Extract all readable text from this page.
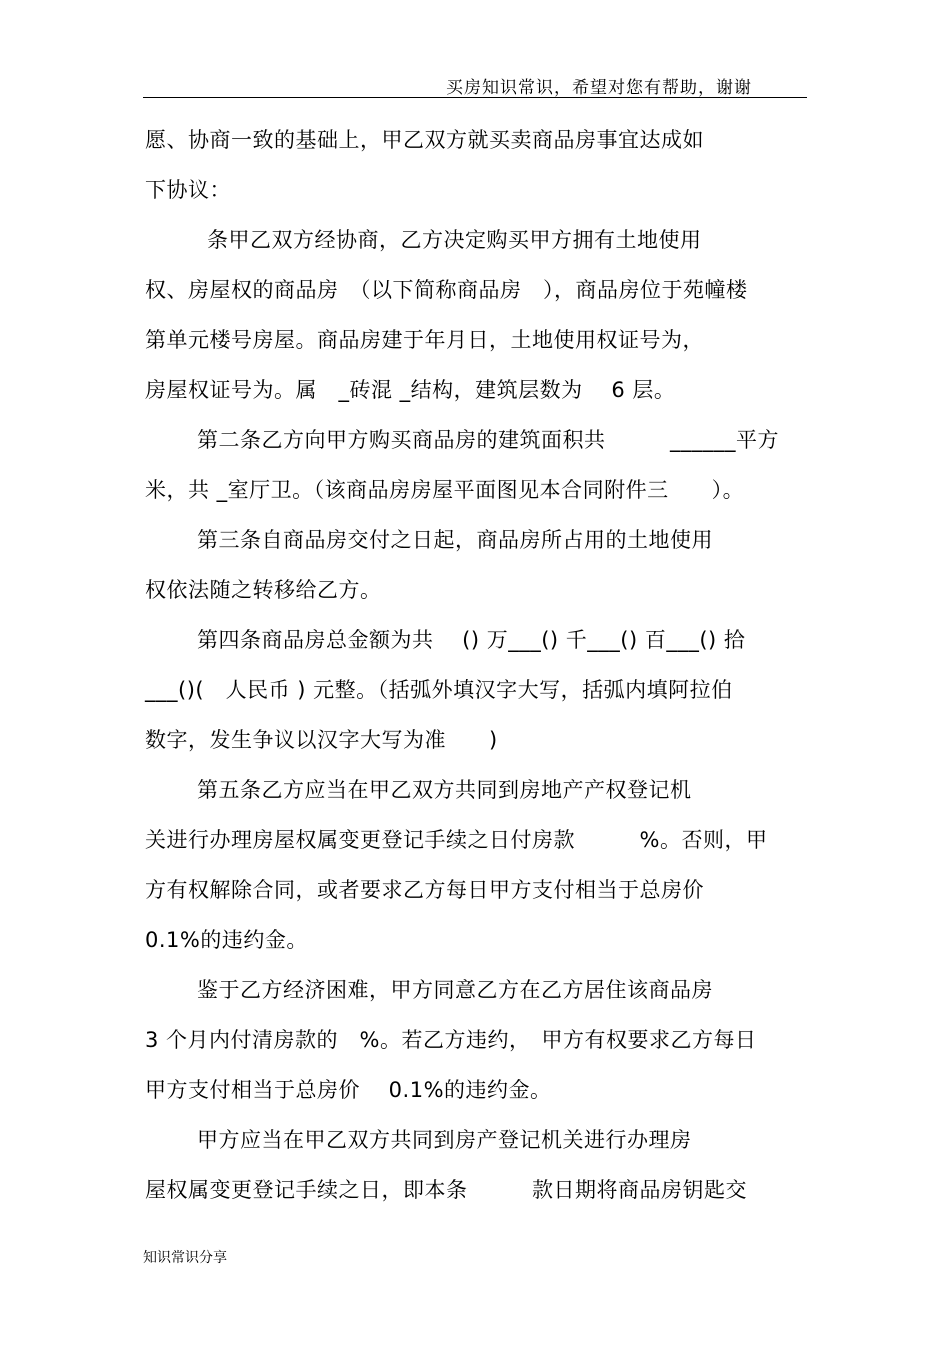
买房知识常识，希望对您有帮助，谢谢
愿、协商一致的基础上，甲乙双方就买卖商品房事宜达成如
下协议：
条甲乙双方经协商，乙方决定购买甲方拥有土地使用
权、房屋权的商品房　（以下简称商品房　），商品房位于苑幢楼
第单元楼号房屋。商品房建于年月日，土地使用权证号为，
房屋权证号为。属　_砖混 _结构，建筑层数为　 6 层。
第二条乙方向甲方购买商品房的建筑面积共　　　______平方
米，共 _室厅卫。（该商品房房屋平面图见本合同附件三　　）。
第三条自商品房交付之日起，商品房所占用的土地使用
权依法随之转移给乙方。
第四条商品房总金额为共　 () 万___() 千___() 百___() 拾
___()(　人民币 ) 元整。（括弧外填汉字大写，括弧内填阿拉伯
数字，发生争议以汉字大写为准　　)
第五条乙方应当在甲乙双方共同到房地产产权登记机
关进行办理房屋权属变更登记手续之日付房款　　　%。否则，甲
方有权解除合同，或者要求乙方每日甲方支付相当于总房价
0.1%的违约金。
鉴于乙方经济困难，甲方同意乙方在乙方居住该商品房
3 个月内付清房款的　%。若乙方违约，　甲方有权要求乙方每日
甲方支付相当于总房价　 0.1%的违约金。
甲方应当在甲乙双方共同到房产登记机关进行办理房
屋权属变更登记手续之日，即本条　　　款日期将商品房钥匙交
知识常识分享
